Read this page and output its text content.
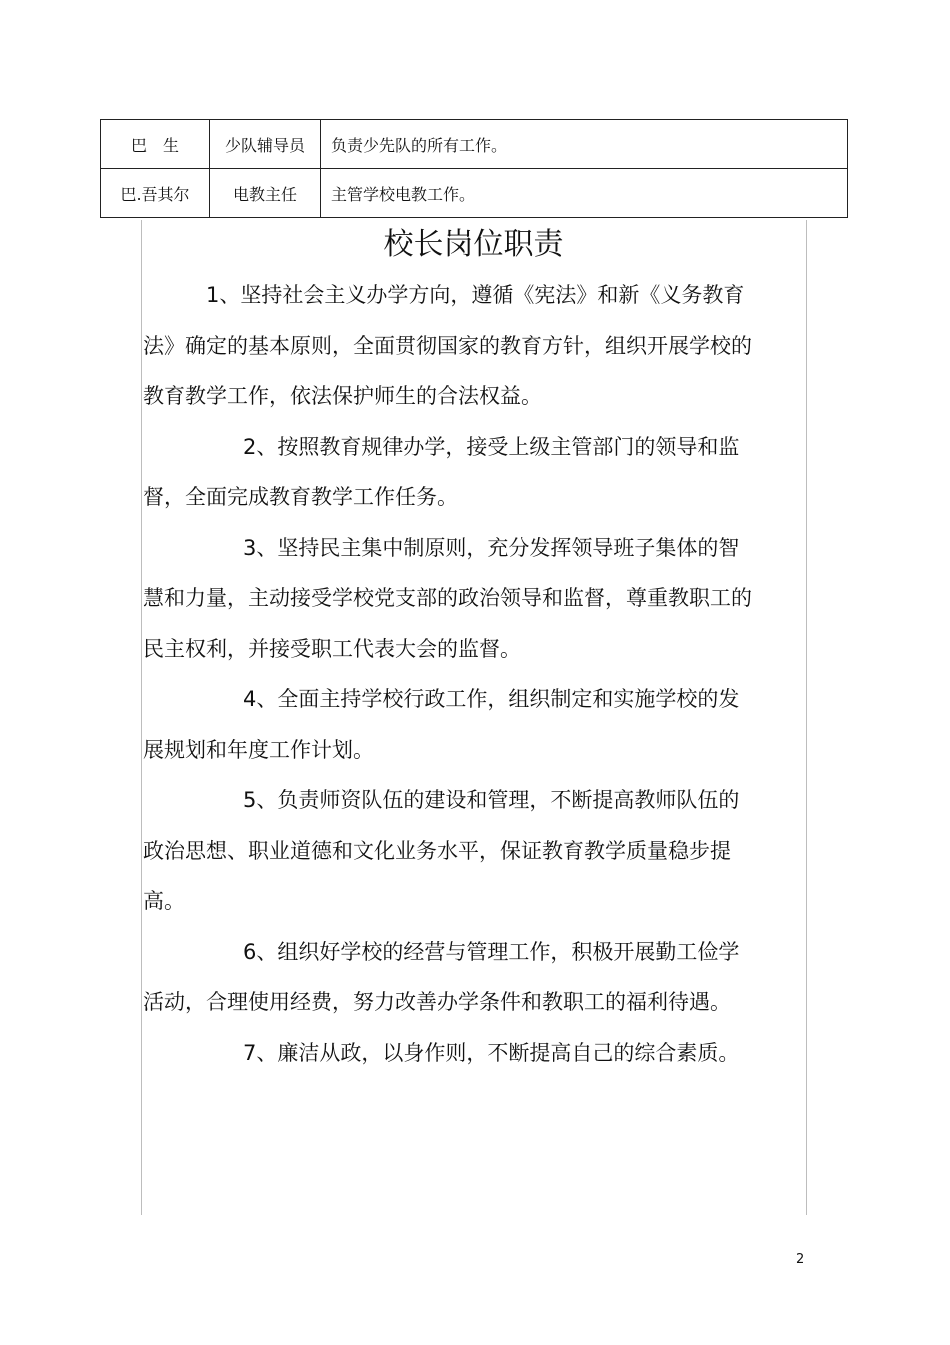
巴　生	少队辅导员	负责少先队的所有工作。
巴.吾其尔	电教主任	主管学校电教工作。
校长岗位职责

1、坚持社会主义办学方向，遵循《宪法》和新《义务教育法》确定的基本原则，全面贯彻国家的教育方针，组织开展学校的教育教学工作，依法保护师生的合法权益。

2、按照教育规律办学，接受上级主管部门的领导和监督，全面完成教育教学工作任务。

3、坚持民主集中制原则，充分发挥领导班子集体的智慧和力量，主动接受学校党支部的政治领导和监督，尊重教职工的民主权利，并接受职工代表大会的监督。

4、全面主持学校行政工作，组织制定和实施学校的发展规划和年度工作计划。

5、负责师资队伍的建设和管理，不断提高教师队伍的政治思想、职业道德和文化业务水平，保证教育教学质量稳步提高。

6、组织好学校的经营与管理工作，积极开展勤工俭学活动，合理使用经费，努力改善办学条件和教职工的福利待遇。

7、廉洁从政，以身作则，不断提高自己的综合素质。

2
